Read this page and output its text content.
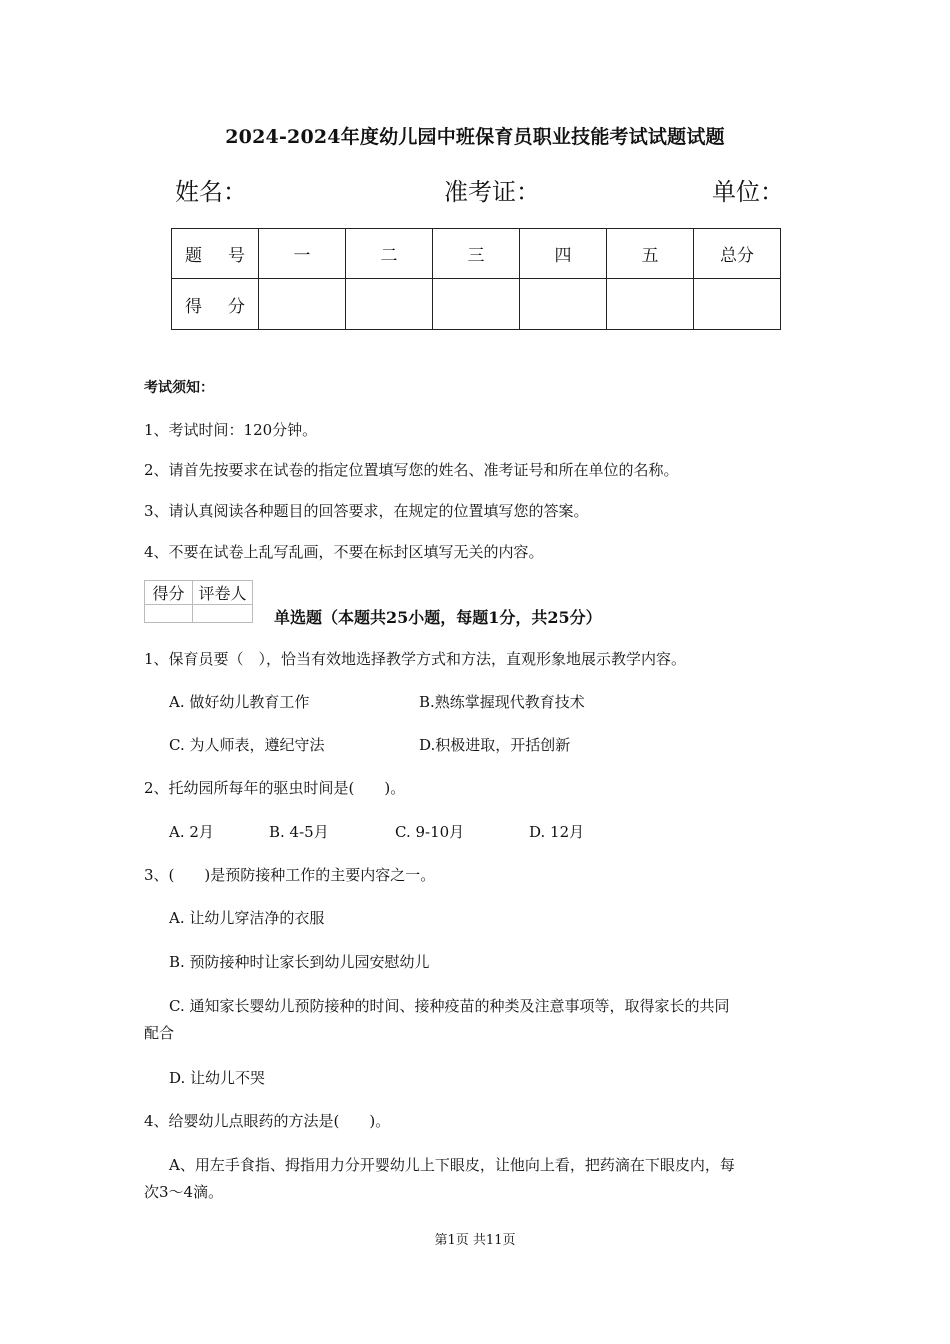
2024-2024年度幼儿园中班保育员职业技能考试试题试题
姓名：	准考证：	单位：
题 号	一	二	三	四	五	总分
得 分						
考试须知：
1、考试时间：120分钟。
2、请首先按要求在试卷的指定位置填写您的姓名、准考证号和所在单位的名称。
3、请认真阅读各种题目的回答要求，在规定的位置填写您的答案。
4、不要在试卷上乱写乱画，不要在标封区填写无关的内容。
得分	评卷人

单选题（本题共25小题，每题1分，共25分）
1、保育员要（　），恰当有效地选择教学方式和方法，直观形象地展示教学内容。
A. 做好幼儿教育工作	B.熟练掌握现代教育技术
C. 为人师表，遵纪守法	D.积极进取，开括创新
2、托幼园所每年的驱虫时间是(　　)。
A. 2月	B. 4-5月	C. 9-10月	D. 12月
3、(　　)是预防接种工作的主要内容之一。
A. 让幼儿穿洁净的衣服
B. 预防接种时让家长到幼儿园安慰幼儿
C. 通知家长婴幼儿预防接种的时间、接种疫苗的种类及注意事项等，取得家长的共同
配合
D. 让幼儿不哭
4、给婴幼儿点眼药的方法是(　　)。
A、用左手食指、拇指用力分开婴幼儿上下眼皮，让他向上看，把药滴在下眼皮内，每
次3～4滴。
第1页 共11页
